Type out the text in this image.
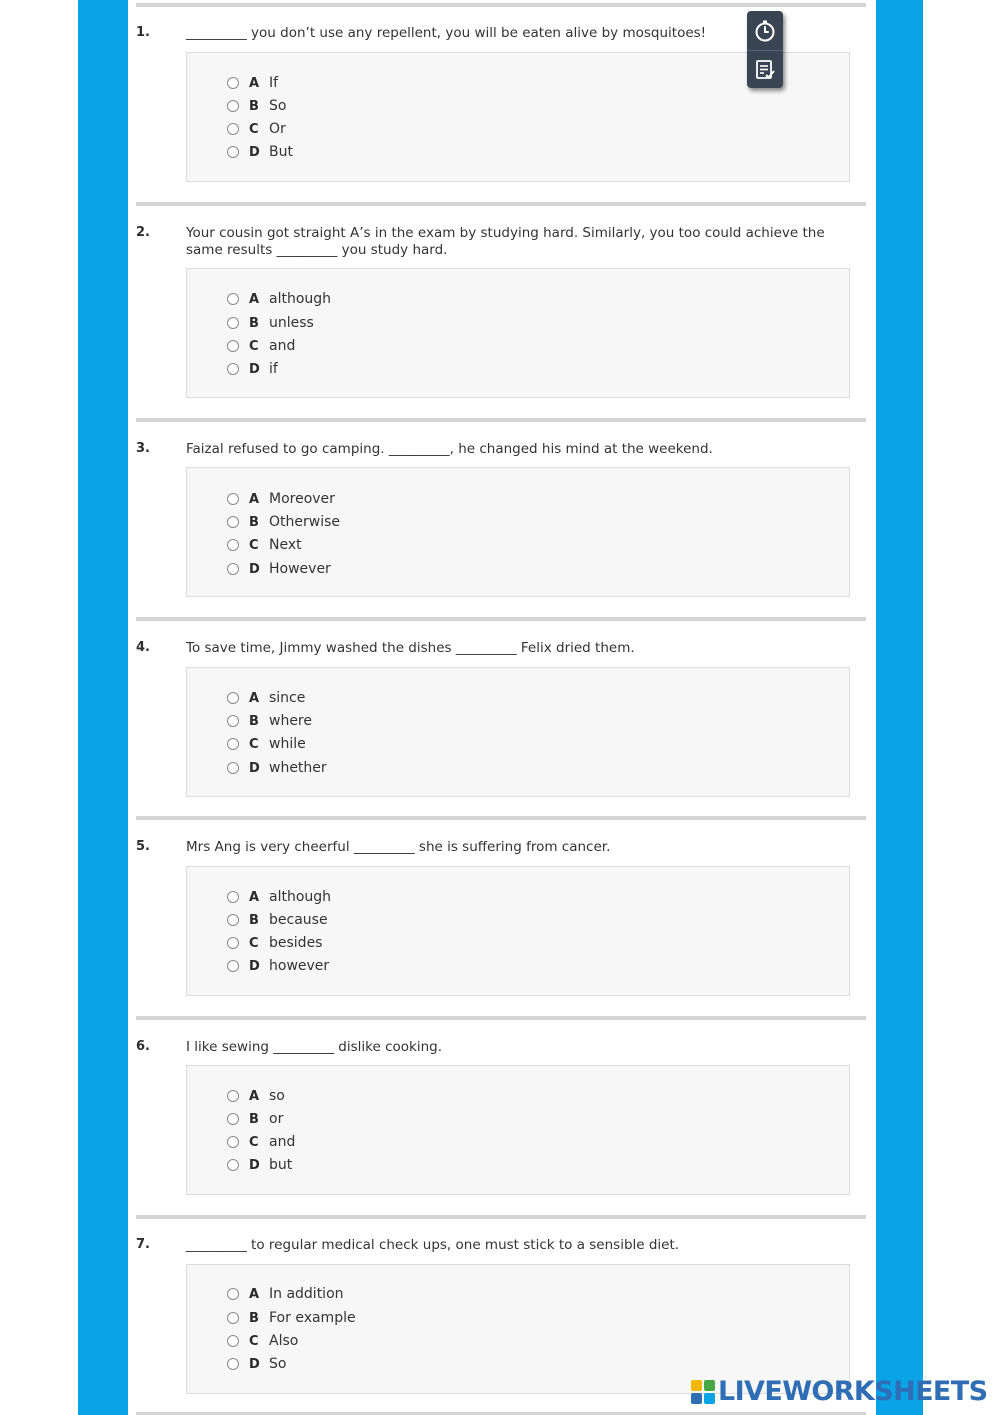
1.	_________ you don’t use any repellent, you will be eaten alive by mosquitoes!
A If
B So
C Or
D But
2.	Your cousin got straight A’s in the exam by studying hard. Similarly, you too could achieve the same results _________ you study hard.
A although
B unless
C and
D if
3.	Faizal refused to go camping. _________, he changed his mind at the weekend.
A Moreover
B Otherwise
C Next
D However
4.	To save time, Jimmy washed the dishes _________ Felix dried them.
A since
B where
C while
D whether
5.	Mrs Ang is very cheerful _________ she is suffering from cancer.
A although
B because
C besides
D however
6.	I like sewing _________ dislike cooking.
A so
B or
C and
D but
7.	_________ to regular medical check ups, one must stick to a sensible diet.
A In addition
B For example
C Also
D So
LIVEWORKSHEETS
